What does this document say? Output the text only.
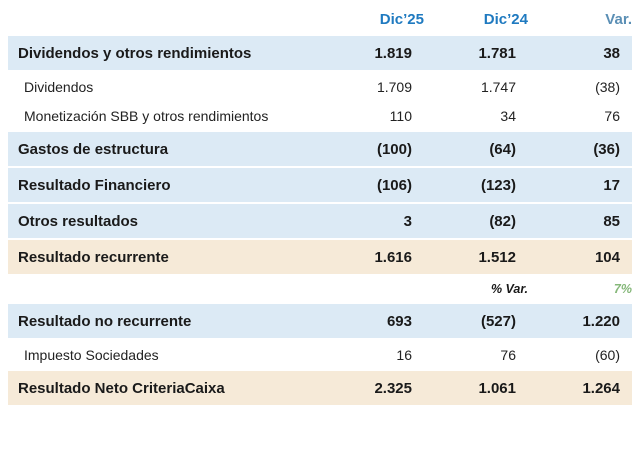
	Dic’25	Dic’24	Var.
Dividendos y otros rendimientos	1.819	1.781	38
Dividendos	1.709	1.747	(38)
Monetización SBB y otros rendimientos	110	34	76

Gastos de estructura	(100)	(64)	(36)
Resultado Financiero	(106)	(123)	17
Otros resultados	3	(82)	85
Resultado recurrente	1.616	1.512	104
		% Var.	7%
Resultado no recurrente	693	(527)	1.220
Impuesto Sociedades	16	76	(60)

Resultado Neto CriteriaCaixa	2.325	1.061	1.264
